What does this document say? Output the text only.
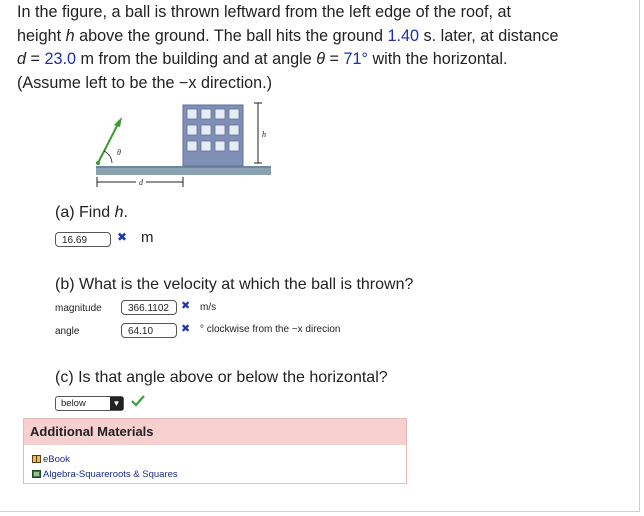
In the figure, a ball is thrown leftward from the left edge of the roof, at
height h above the ground. The ball hits the ground 1.40 s. later, at distance
d = 23.0 m from the building and at angle θ = 71° with the horizontal.
(Assume left to be the −x direction.)
h
θ
d
(a) Find h.
16.69	✖ m
(b) What is the velocity at which the ball is thrown?
magnitude	366.1102	✖ m/s
angle	64.10	✖ ° clockwise from the −x direcion
(c) Is that angle above or below the horizontal?
below	▼
Additional Materials
eBook
Algebra-Squareroots & Squares
